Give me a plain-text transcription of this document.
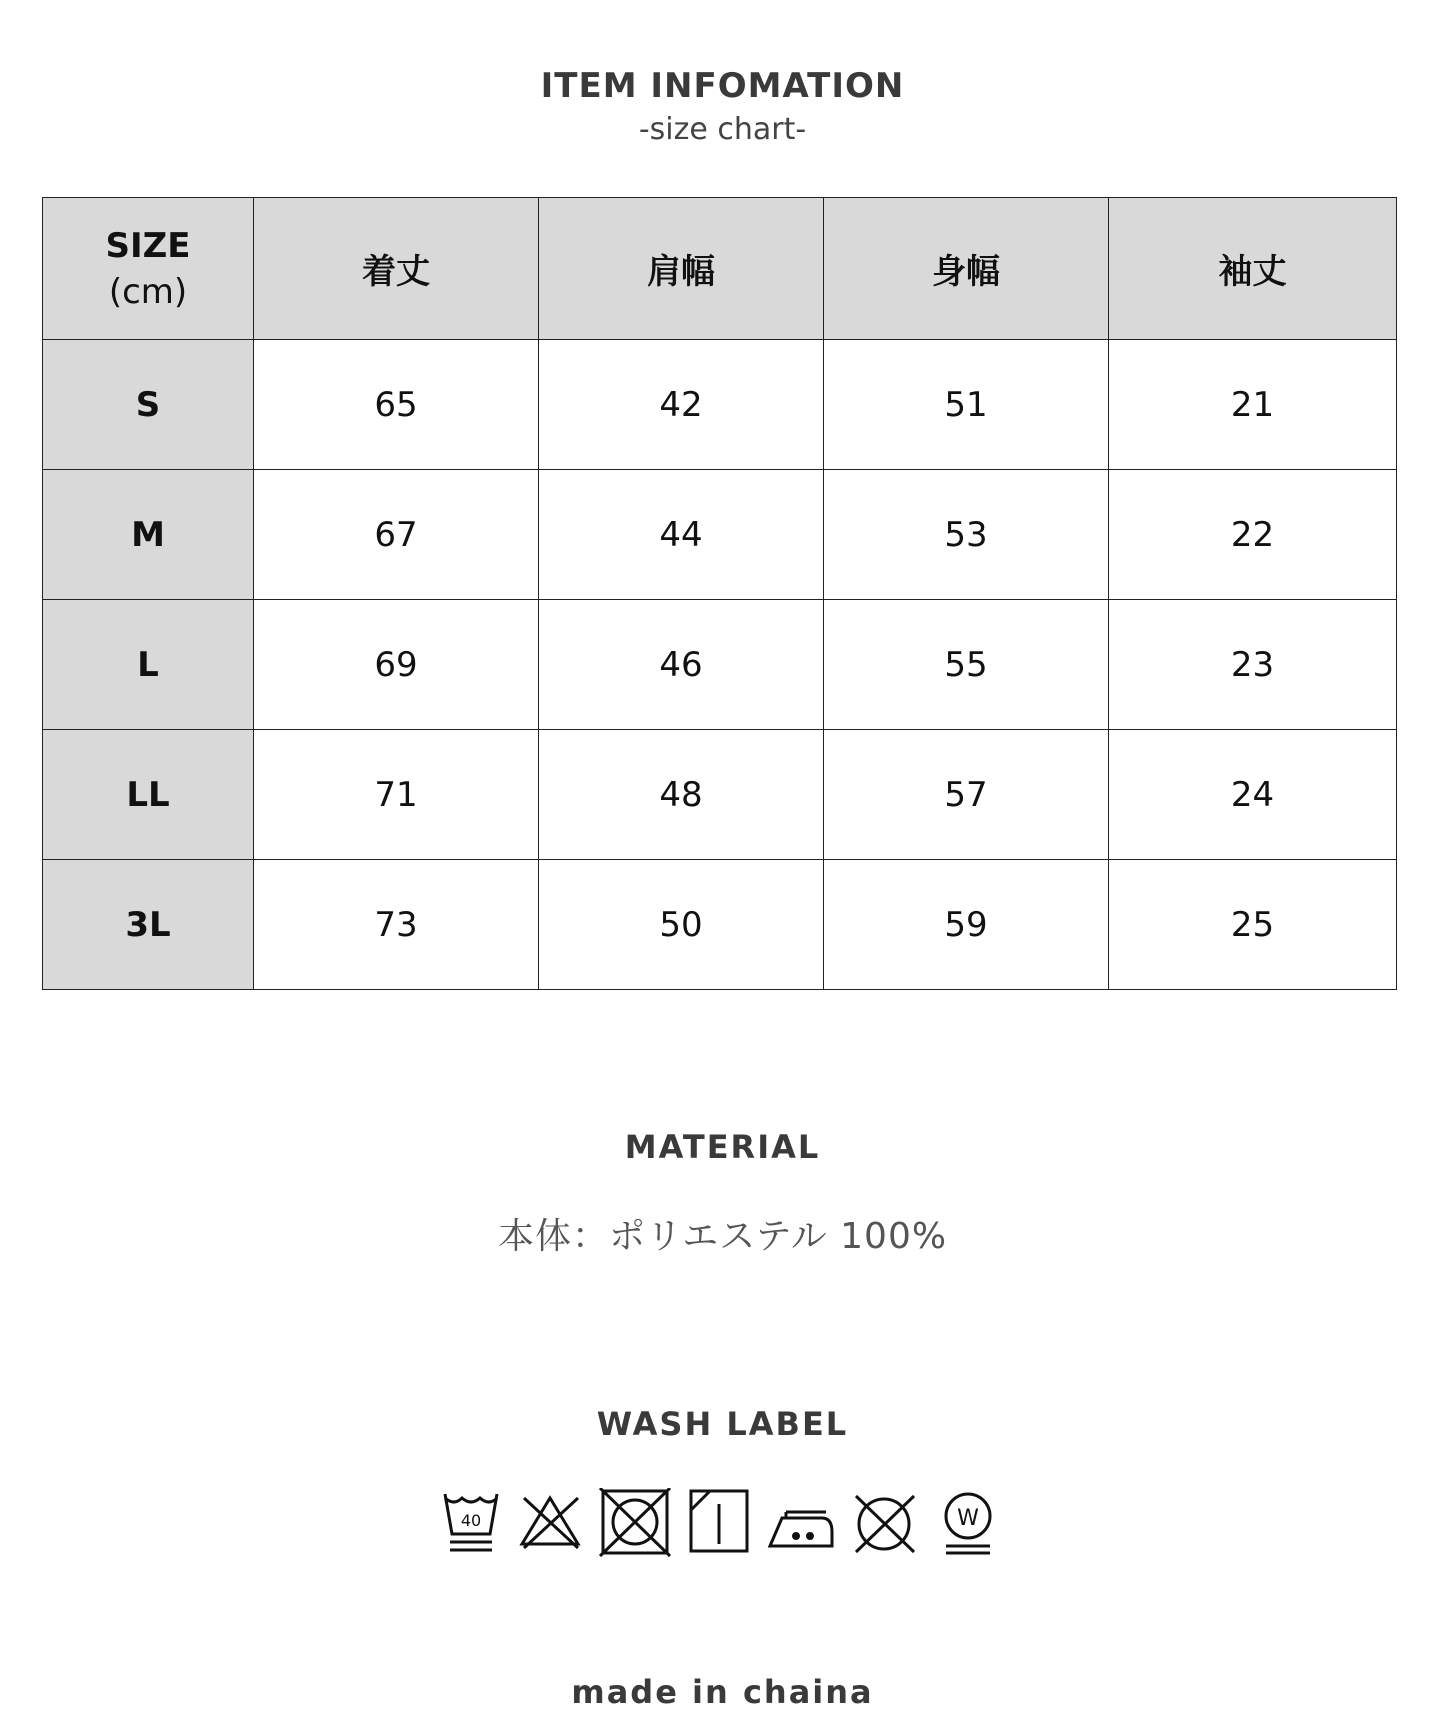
ITEM INFOMATION
-size chart-
SIZE
(cm)	着丈	肩幅	身幅	袖丈
S	65	42	51	21
M	67	44	53	22
L	69	46	55	23
LL	71	48	57	24
3L	73	50	59	25
MATERIAL
本体：ポリエステル 100%
WASH LABEL
40	W
made in chaina
